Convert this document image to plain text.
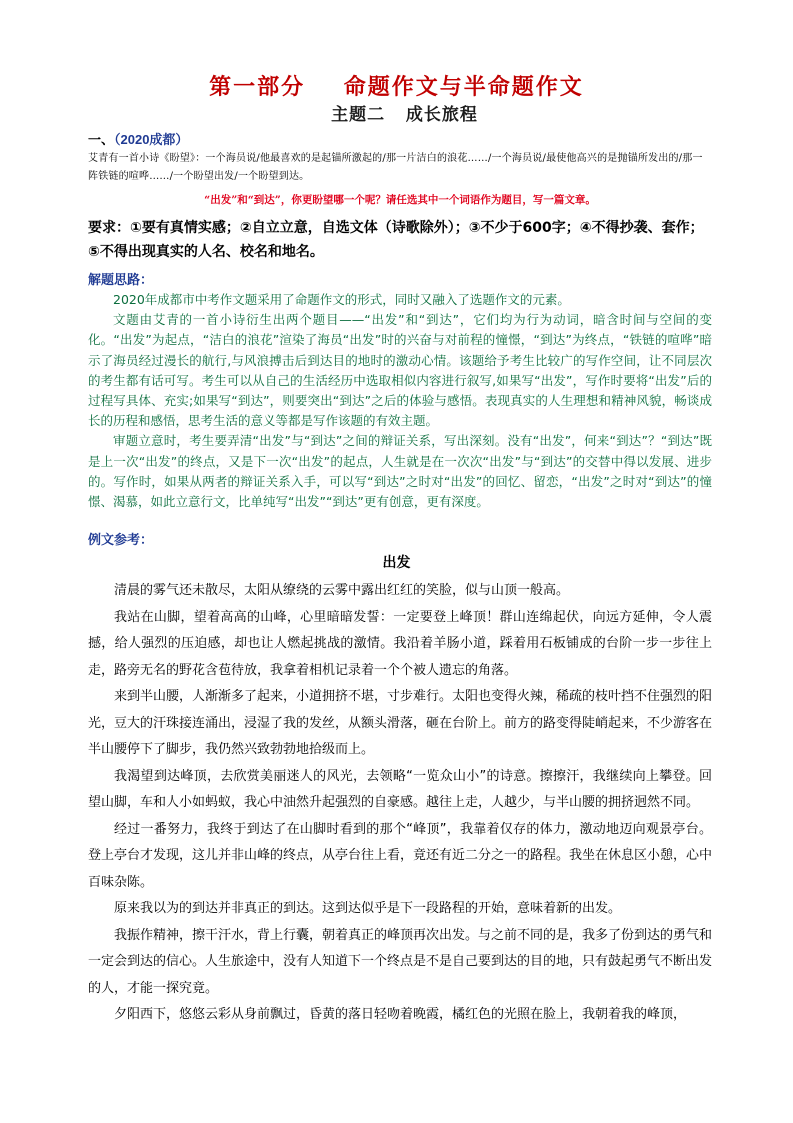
第一部分    命题作文与半命题作文
主题二   成长旅程
一、（2020成都）
艾青有一首小诗《盼望》：一个海员说/他最喜欢的是起锚所激起的/那一片洁白的浪花……/一个海员说/最使他高兴的是抛锚所发出的/那一阵铁链的喧哗……/一个盼望出发/一个盼望到达。
“出发”和“到达”，你更盼望哪一个呢？请任选其中一个词语作为题目，写一篇文章。
要求：①要有真情实感；②自立立意，自选文体（诗歌除外）；③不少于600字；④不得抄袭、套作；⑤不得出现真实的人名、校名和地名。
解题思路：

2020年成都市中考作文题采用了命题作文的形式，同时又融入了选题作文的元素。

文题由艾青的一首小诗衍生出两个题目——“出发”和“到达”，它们均为行为动词，暗含时间与空间的变化。“出发”为起点，“洁白的浪花”渲染了海员“出发”时的兴奋与对前程的憧憬，“到达”为终点，“铁链的喧哗”暗示了海员经过漫长的航行,与风浪搏击后到达目的地时的激动心情。该题给予考生比较广的写作空间，让不同层次的考生都有话可写。考生可以从自己的生活经历中选取相似内容进行叙写,如果写“出发”，写作时要将“出发”后的过程写具体、充实;如果写“到达”，则要突出“到达”之后的体验与感悟。表现真实的人生理想和精神风貌，畅谈成长的历程和感悟，思考生活的意义等都是写作该题的有效主题。

审题立意时，考生要弄清“出发”与“到达”之间的辩证关系，写出深刻。没有“出发”，何来“到达”？“到达”既是上一次“出发”的终点，又是下一次“出发”的起点，人生就是在一次次“出发”与“到达”的交替中得以发展、进步的。写作时，如果从两者的辩证关系入手，可以写“到达”之时对“出发”的回忆、留恋，“出发”之时对“到达”的憧憬、渴慕，如此立意行文，比单纯写“出发”“到达”更有创意，更有深度。

例文参考：
出发

清晨的雾气还未散尽，太阳从缭绕的云雾中露出红红的笑脸，似与山顶一般高。

我站在山脚，望着高高的山峰，心里暗暗发誓：一定要登上峰顶！群山连绵起伏，向远方延伸，令人震撼，给人强烈的压迫感，却也让人燃起挑战的激情。我沿着羊肠小道，踩着用石板铺成的台阶一步一步往上走，路旁无名的野花含苞待放，我拿着相机记录着一个个被人遗忘的角落。

来到半山腰，人渐渐多了起来，小道拥挤不堪，寸步难行。太阳也变得火辣，稀疏的枝叶挡不住强烈的阳光，豆大的汗珠接连涌出，浸湿了我的发丝，从额头滑落，砸在台阶上。前方的路变得陡峭起来，不少游客在半山腰停下了脚步，我仍然兴致勃勃地拾级而上。

我渴望到达峰顶，去欣赏美丽迷人的风光，去领略“一览众山小”的诗意。擦擦汗，我继续向上攀登。回望山脚，车和人小如蚂蚁，我心中油然升起强烈的自豪感。越往上走，人越少，与半山腰的拥挤迥然不同。

经过一番努力，我终于到达了在山脚时看到的那个“峰顶”，我靠着仅存的体力，激动地迈向观景亭台。登上亭台才发现，这儿并非山峰的终点，从亭台往上看，竟还有近二分之一的路程。我坐在休息区小憩，心中百味杂陈。

原来我以为的到达并非真正的到达。这到达似乎是下一段路程的开始，意味着新的出发。

我振作精神，擦干汗水，背上行囊，朝着真正的峰顶再次出发。与之前不同的是，我多了份到达的勇气和一定会到达的信心。人生旅途中，没有人知道下一个终点是不是自己要到达的目的地，只有鼓起勇气不断出发的人，才能一探究竟。

夕阳西下，悠悠云彩从身前飘过，昏黄的落日轻吻着晚霞，橘红色的光照在脸上，我朝着我的峰顶，
